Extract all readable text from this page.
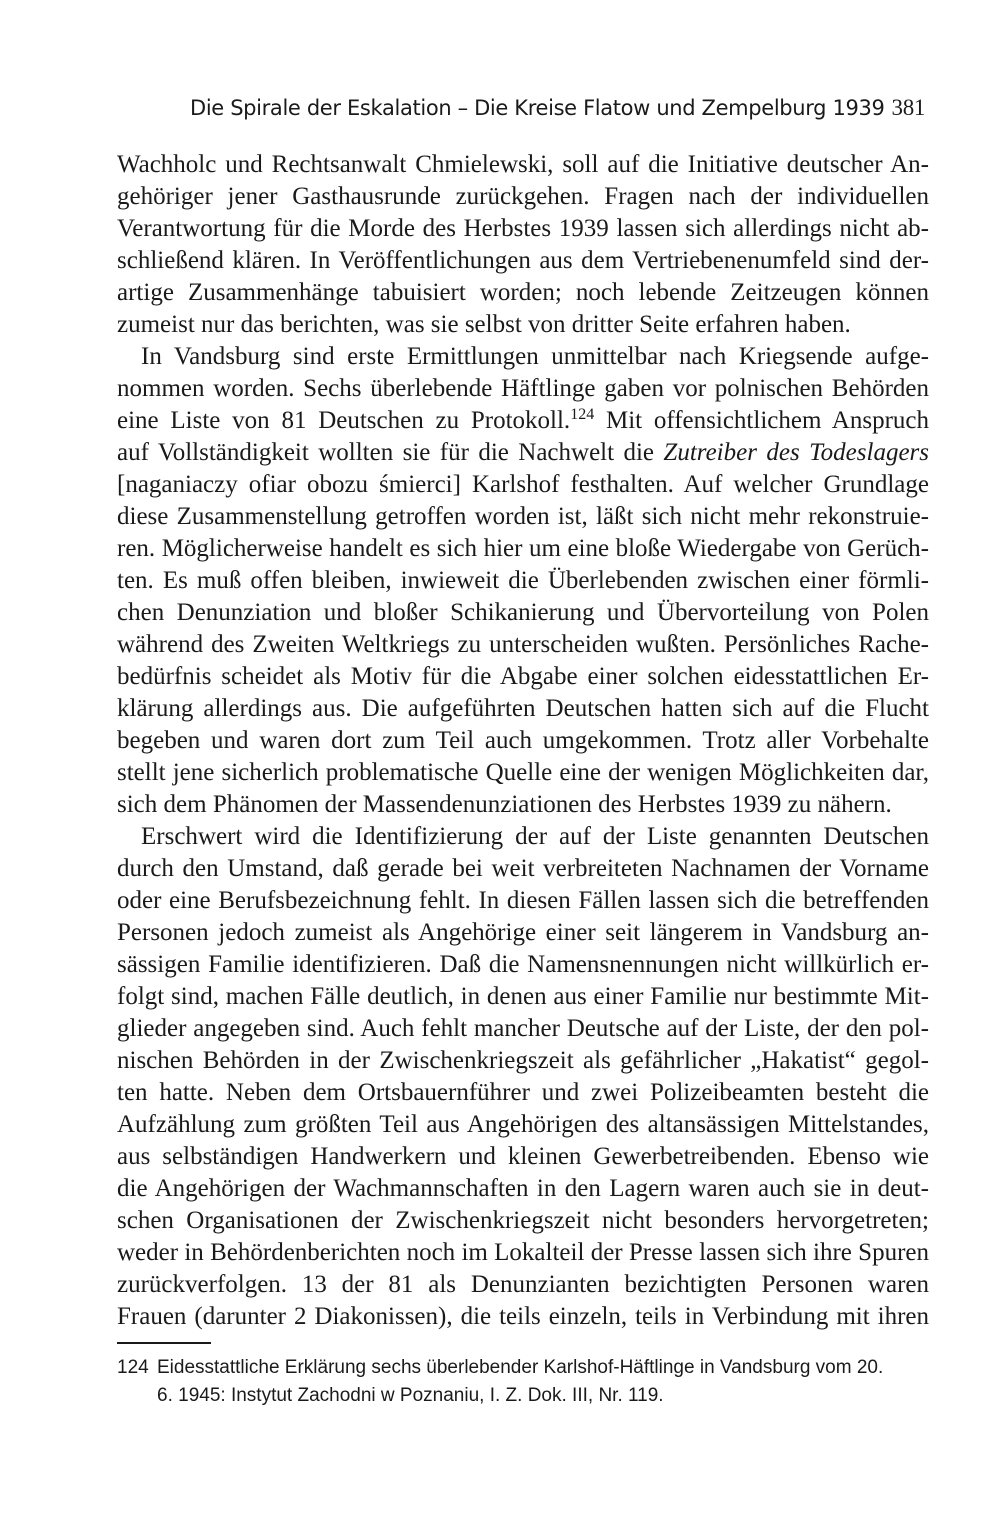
Die Spirale der Eskalation – Die Kreise Flatow und Zempelburg 1939 381
Wachholc und Rechtsanwalt Chmielewski, soll auf die Initiative deutscher An-
gehöriger jener Gasthausrunde zurückgehen. Fragen nach der individuellen
Verantwortung für die Morde des Herbstes 1939 lassen sich allerdings nicht ab-
schließend klären. In Veröffentlichungen aus dem Vertriebenenumfeld sind der-
artige Zusammenhänge tabuisiert worden; noch lebende Zeitzeugen können
zumeist nur das berichten, was sie selbst von dritter Seite erfahren haben.
In Vandsburg sind erste Ermittlungen unmittelbar nach Kriegsende aufge-
nommen worden. Sechs überlebende Häftlinge gaben vor polnischen Behörden
eine Liste von 81 Deutschen zu Protokoll.$^{124}$ Mit offensichtlichem Anspruch
auf Vollständigkeit wollten sie für die Nachwelt die Zutreiber des Todeslagers
[naganiaczy ofiar obozu śmierci] Karlshof festhalten. Auf welcher Grundlage
diese Zusammenstellung getroffen worden ist, läßt sich nicht mehr rekonstruie-
ren. Möglicherweise handelt es sich hier um eine bloße Wiedergabe von Gerüch-
ten. Es muß offen bleiben, inwieweit die Überlebenden zwischen einer förmli-
chen Denunziation und bloßer Schikanierung und Übervorteilung von Polen
während des Zweiten Weltkriegs zu unterscheiden wußten. Persönliches Rache-
bedürfnis scheidet als Motiv für die Abgabe einer solchen eidesstattlichen Er-
klärung allerdings aus. Die aufgeführten Deutschen hatten sich auf die Flucht
begeben und waren dort zum Teil auch umgekommen. Trotz aller Vorbehalte
stellt jene sicherlich problematische Quelle eine der wenigen Möglichkeiten dar,
sich dem Phänomen der Massendenunziationen des Herbstes 1939 zu nähern.
Erschwert wird die Identifizierung der auf der Liste genannten Deutschen
durch den Umstand, daß gerade bei weit verbreiteten Nachnamen der Vorname
oder eine Berufsbezeichnung fehlt. In diesen Fällen lassen sich die betreffenden
Personen jedoch zumeist als Angehörige einer seit längerem in Vandsburg an-
sässigen Familie identifizieren. Daß die Namensnennungen nicht willkürlich er-
folgt sind, machen Fälle deutlich, in denen aus einer Familie nur bestimmte Mit-
glieder angegeben sind. Auch fehlt mancher Deutsche auf der Liste, der den pol-
nischen Behörden in der Zwischenkriegszeit als gefährlicher „Hakatist“ gegol-
ten hatte. Neben dem Ortsbauernführer und zwei Polizeibeamten besteht die
Aufzählung zum größten Teil aus Angehörigen des altansässigen Mittelstandes,
aus selbständigen Handwerkern und kleinen Gewerbetreibenden. Ebenso wie
die Angehörigen der Wachmannschaften in den Lagern waren auch sie in deut-
schen Organisationen der Zwischenkriegszeit nicht besonders hervorgetreten;
weder in Behördenberichten noch im Lokalteil der Presse lassen sich ihre Spuren
zurückverfolgen. 13 der 81 als Denunzianten bezichtigten Personen waren
Frauen (darunter 2 Diakonissen), die teils einzeln, teils in Verbindung mit ihren
124 Eidesstattliche Erklärung sechs überlebender Karlshof-Häftlinge in Vandsburg vom 20.
6. 1945: Instytut Zachodni w Poznaniu, I. Z. Dok. III, Nr. 119.
